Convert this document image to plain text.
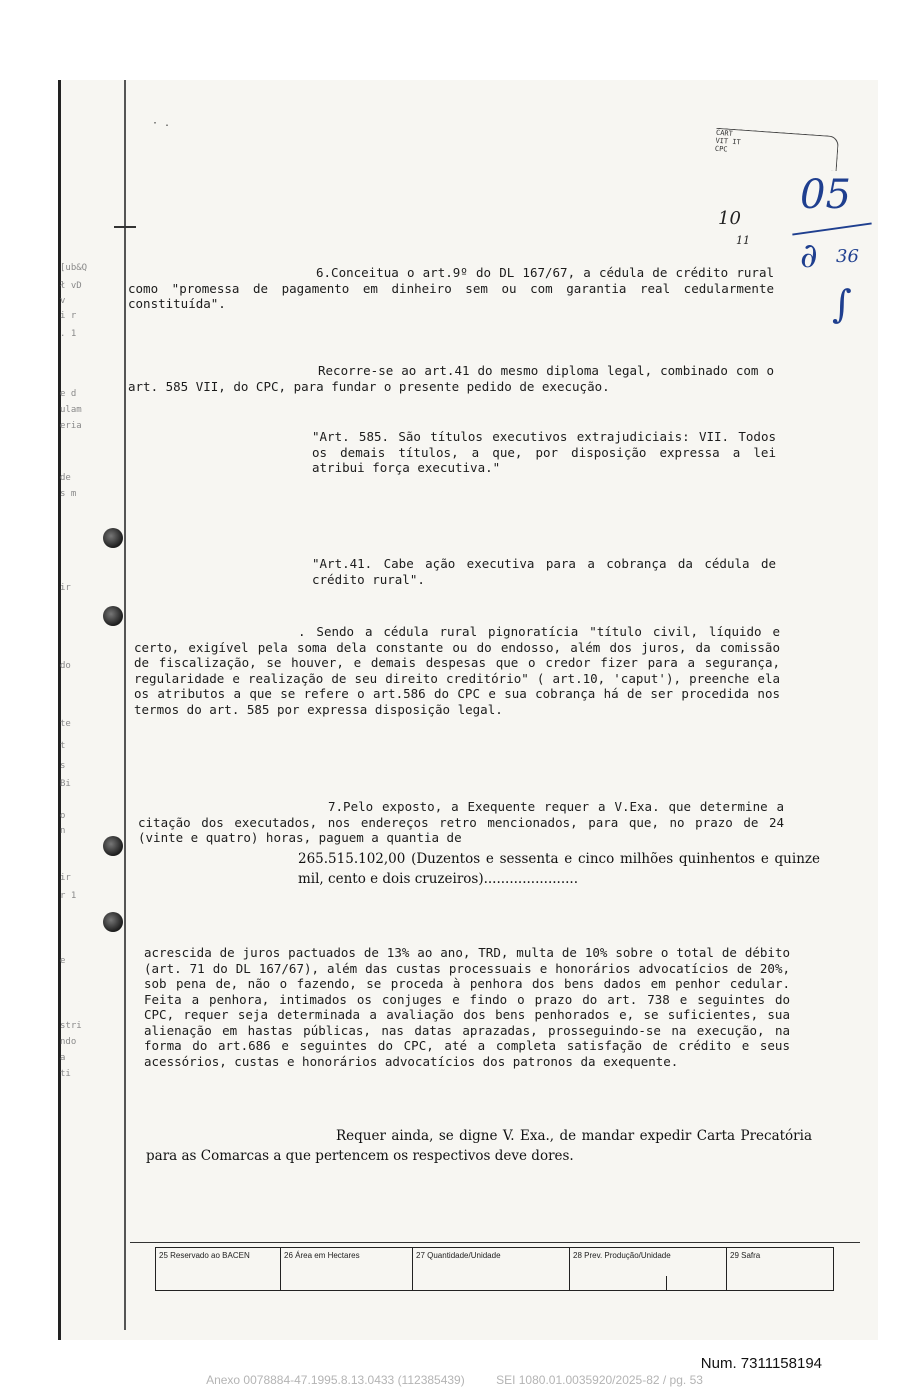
[ub&Q
ł vD
v
i r
. 1
e d
ulam
eria
de
s m
ir
do
te
t
s
Bi
o
n
ir
r 1
e
stri
ndo
a
ti
· .
CART
VIT IT
CPC
05
∂ 36
∫
10
11

6.Conceitua o art.9º do DL 167/67, a cédula de crédito rural como "promessa de pagamento em dinheiro sem ou com garantia real cedularmente constituída".

Recorre-se ao art.41 do mesmo diploma legal, combinado com o art. 585 VII, do CPC, para fundar o presente pedido de execução.

"Art. 585. São títulos executivos extrajudiciais: VII. Todos os demais títulos, a que, por disposição expressa a lei atribui força executiva."

"Art.41. Cabe ação executiva para a cobrança da cédula de crédito rural".

. Sendo a cédula rural pignoratícia "título civil, líquido e certo, exigível pela soma dela constante ou do endosso, além dos juros, da comissão de fiscalização, se houver, e demais despesas que o credor fizer para a segurança, regularidade e realização de seu direito creditório" ( art.10, 'caput'), preenche ela os atributos a que se refere o art.586 do CPC e sua cobrança há de ser procedida nos termos do art. 585 por expressa disposição legal.

7.Pelo exposto, a Exequente requer a V.Exa. que determine a citação dos executados, nos endereços retro mencionados, para que, no prazo de 24 (vinte e quatro) horas, paguem a quantia de

265.515.102,00 (Duzentos e sessenta e cinco milhões quinhentos e quinze mil, cento e dois cruzeiros)......................

acrescida de juros pactuados de 13% ao ano, TRD, multa de 10% sobre o total de débito (art. 71 do DL 167/67), além das custas processuais e honorários advocatícios de 20%, sob pena de, não o fazendo, se proceda à penhora dos bens dados em penhor cedular. Feita a penhora, intimados os conjuges e findo o prazo do art. 738 e seguintes do CPC, requer seja determinada a avaliação dos bens penhorados e, se suficientes, sua alienação em hastas públicas, nas datas aprazadas, prosseguindo-se na execução, na forma do art.686 e seguintes do CPC, até a completa satisfação de crédito e seus acessórios, custas e honorários advocatícios dos patronos da exequente.

Requer ainda, se digne V. Exa., de mandar expedir Carta Precatória para as Comarcas a que pertencem os respectivos deve dores.

25 Reservado ao BACEN	26 Área em Hectares	27 Quantidade/Unidade	28 Prev. Produção/Unidade	29 Safra
Num. 7311158194
Anexo 0078884-47.1995.8.13.0433 (112385439)	SEI 1080.01.0035920/2025-82 / pg. 53
